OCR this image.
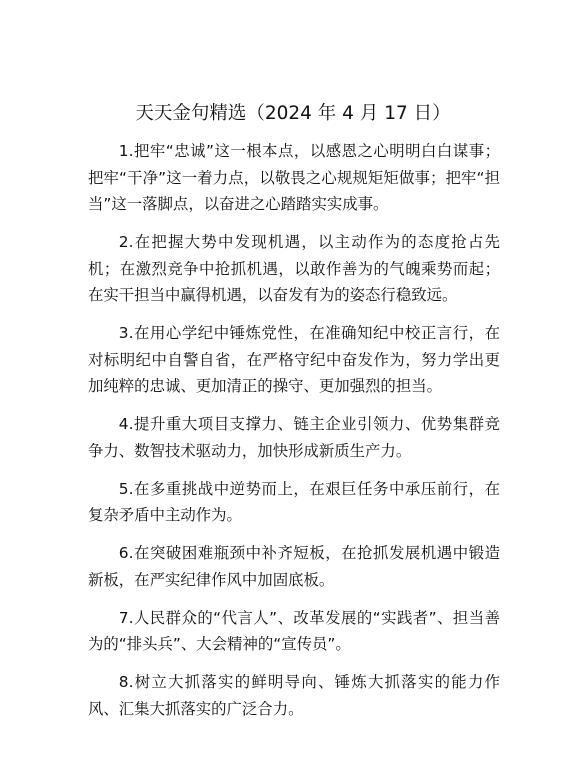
天天金句精选（2024 年 4 月 17 日）

1.把牢“忠诚”这一根本点，以感恩之心明明白白谋事；把牢“干净”这一着力点，以敬畏之心规规矩矩做事；把牢“担当”这一落脚点，以奋进之心踏踏实实成事。

2.在把握大势中发现机遇，以主动作为的态度抢占先机；在激烈竞争中抢抓机遇，以敢作善为的气魄乘势而起；在实干担当中赢得机遇，以奋发有为的姿态行稳致远。

3.在用心学纪中锤炼党性，在准确知纪中校正言行，在对标明纪中自警自省，在严格守纪中奋发作为，努力学出更加纯粹的忠诚、更加清正的操守、更加强烈的担当。

4.提升重大项目支撑力、链主企业引领力、优势集群竞争力、数智技术驱动力，加快形成新质生产力。

5.在多重挑战中逆势而上，在艰巨任务中承压前行，在复杂矛盾中主动作为。

6.在突破困难瓶颈中补齐短板，在抢抓发展机遇中锻造新板，在严实纪律作风中加固底板。

7.人民群众的“代言人”、改革发展的“实践者”、担当善为的“排头兵”、大会精神的“宣传员”。

8.树立大抓落实的鲜明导向、锤炼大抓落实的能力作风、汇集大抓落实的广泛合力。
